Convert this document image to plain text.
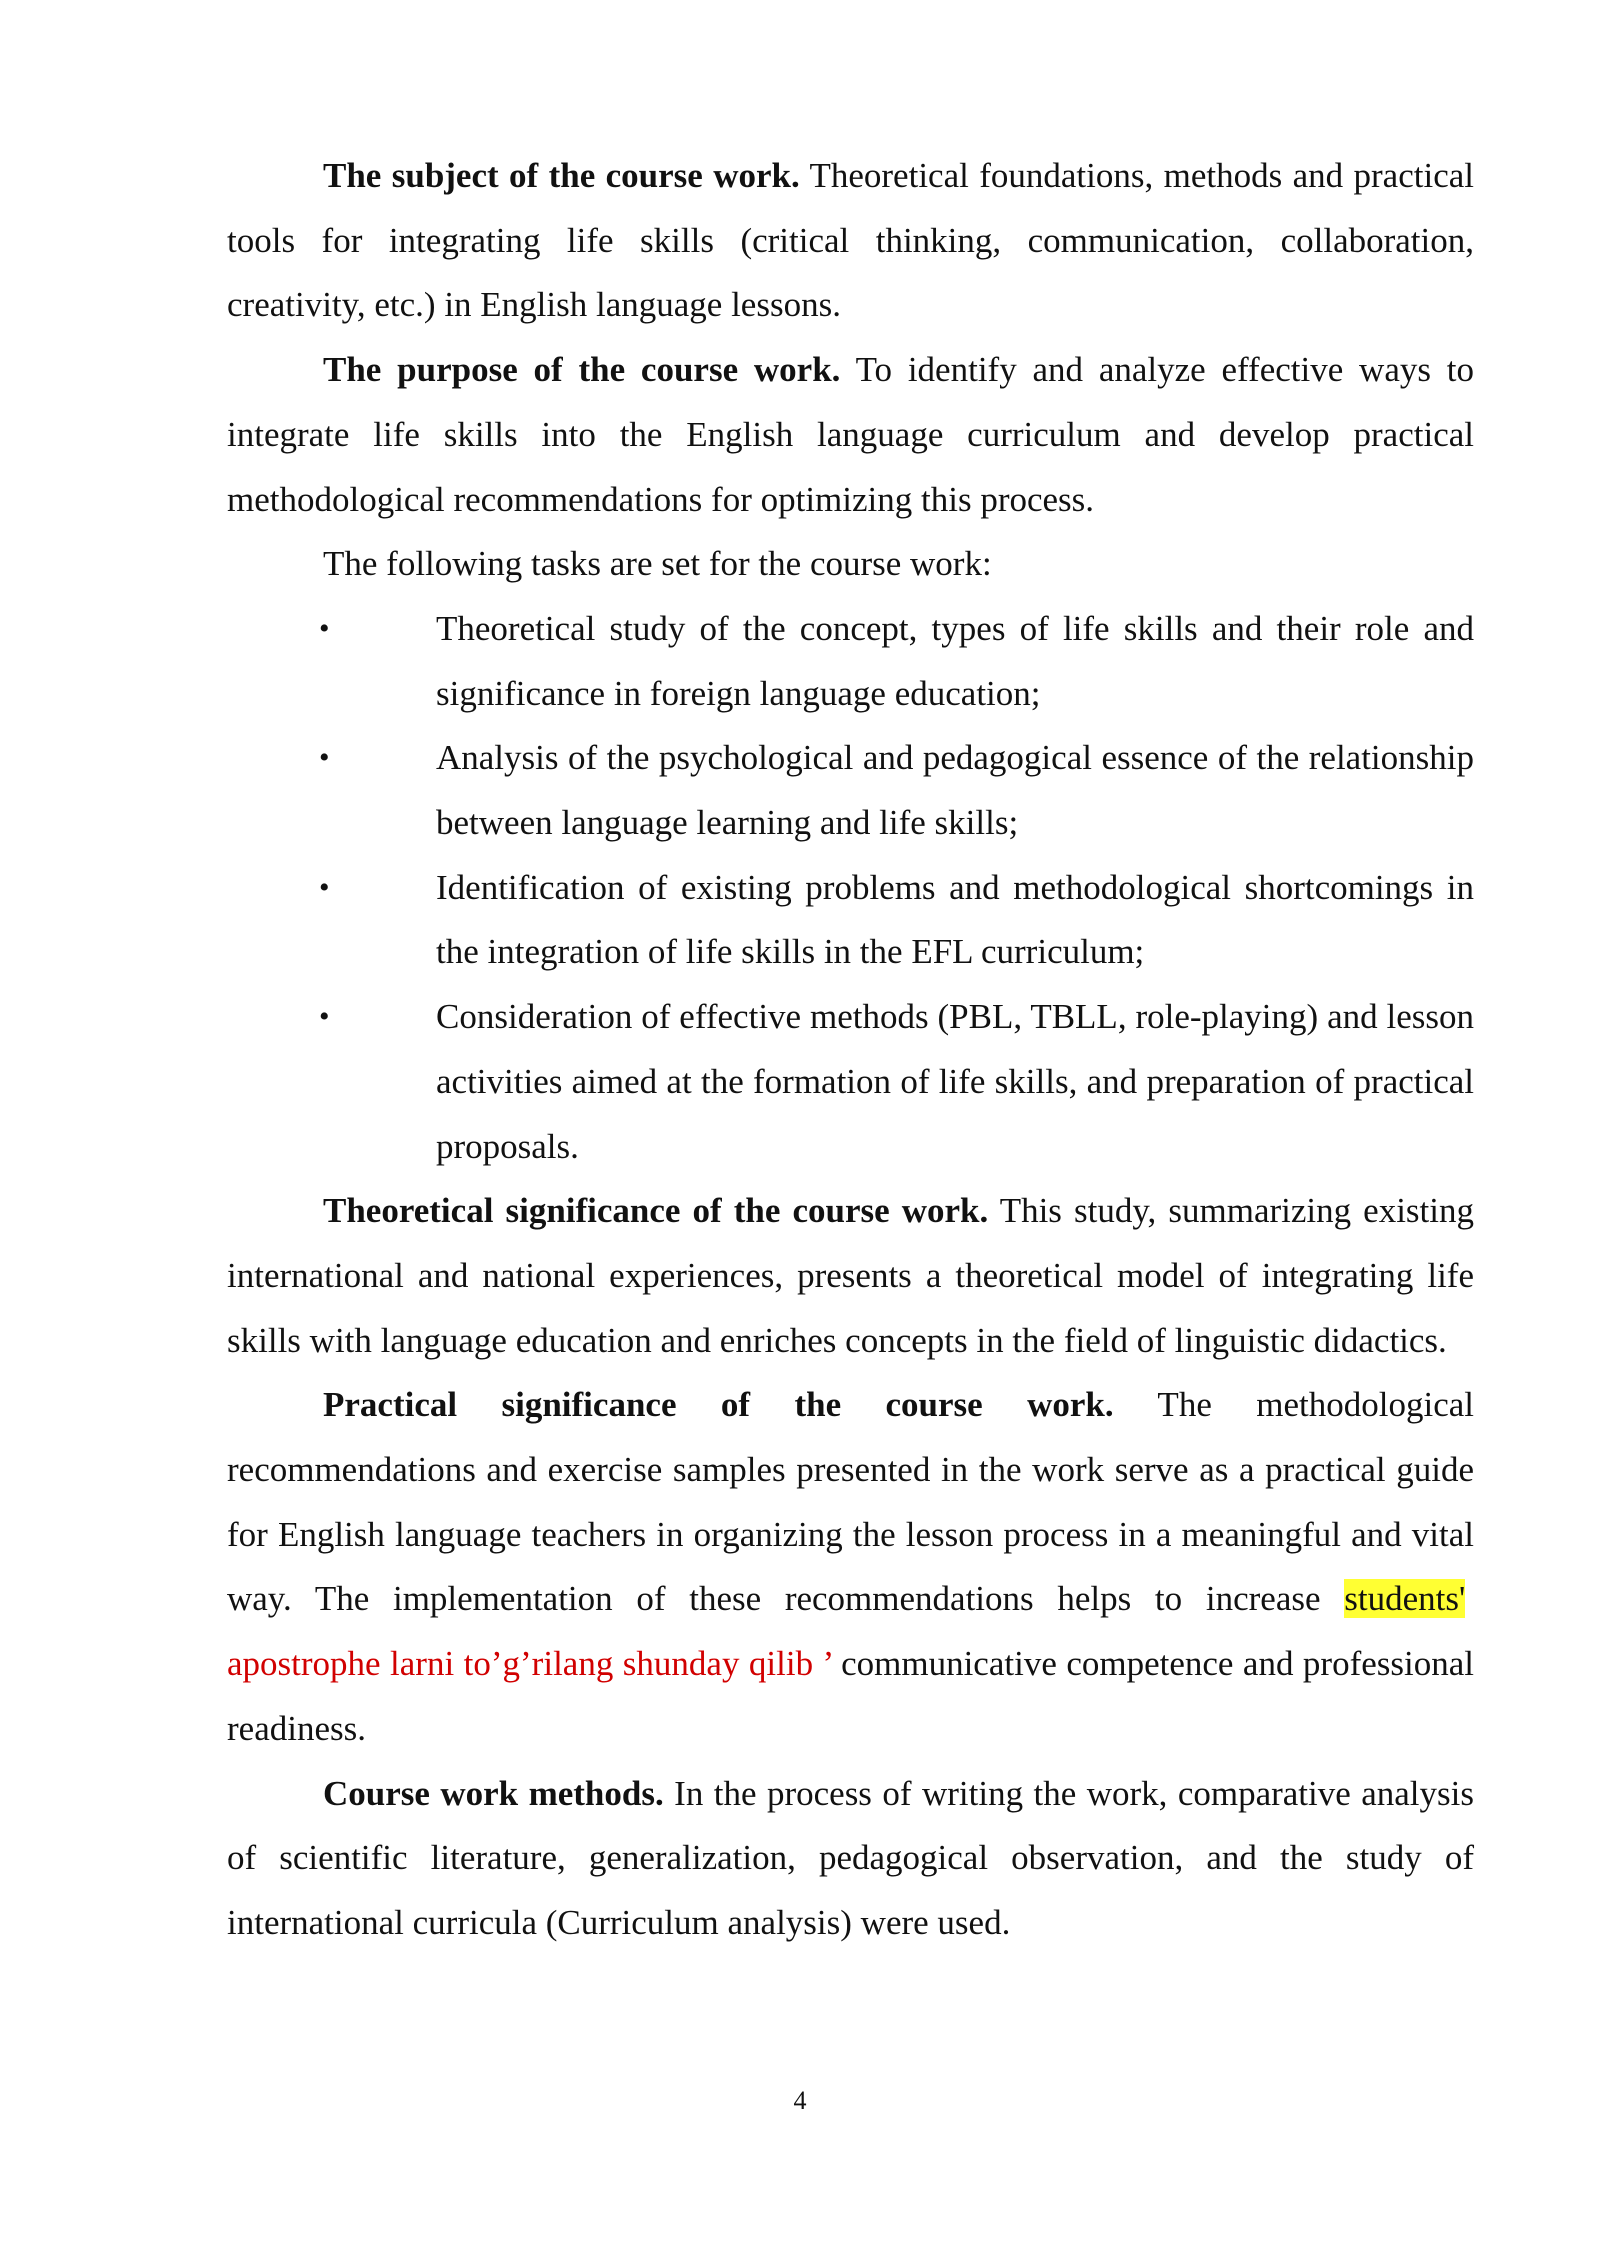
The subject of the course work. Theoretical foundations, methods and practical tools for integrating life skills (critical thinking, communication, collaboration, creativity, etc.) in English language lessons.

The purpose of the course work. To identify and analyze effective ways to integrate life skills into the English language curriculum and develop practical methodological recommendations for optimizing this process.

The following tasks are set for the course work:

•	Theoretical study of the concept, types of life skills and their role and significance in foreign language education;
•	Analysis of the psychological and pedagogical essence of the relationship between language learning and life skills;
•	Identification of existing problems and methodological shortcomings in the integration of life skills in the EFL curriculum;
•	Consideration of effective methods (PBL, TBLL, role-playing) and lesson activities aimed at the formation of life skills, and preparation of practical proposals.

Theoretical significance of the course work. This study, summarizing existing international and national experiences, presents a theoretical model of integrating life skills with language education and enriches concepts in the field of linguistic didactics.

Practical significance of the course work. The methodological recommendations and exercise samples presented in the work serve as a practical guide for English language teachers in organizing the lesson process in a meaningful and vital way. The implementation of these recommendations helps to increase students'  apostrophe larni to’g’rilang shunday qilib ’ communicative competence and professional readiness.

Course work methods. In the process of writing the work, comparative analysis of scientific literature, generalization, pedagogical observation, and the study of international curricula (Curriculum analysis) were used.

4
